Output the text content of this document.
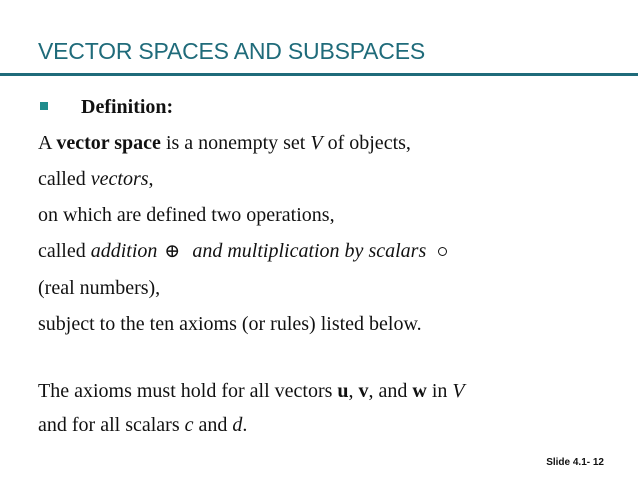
VECTOR SPACES AND SUBSPACES
Definition:
A vector space is a nonempty set V of objects,
called vectors,
on which are defined two operations,
called addition ⊕ and multiplication by scalars
(real numbers),
subject to the ten axioms (or rules) listed below.
The axioms must hold for all vectors u, v, and w in V
and for all scalars c and d.
Slide 4.1- 12
